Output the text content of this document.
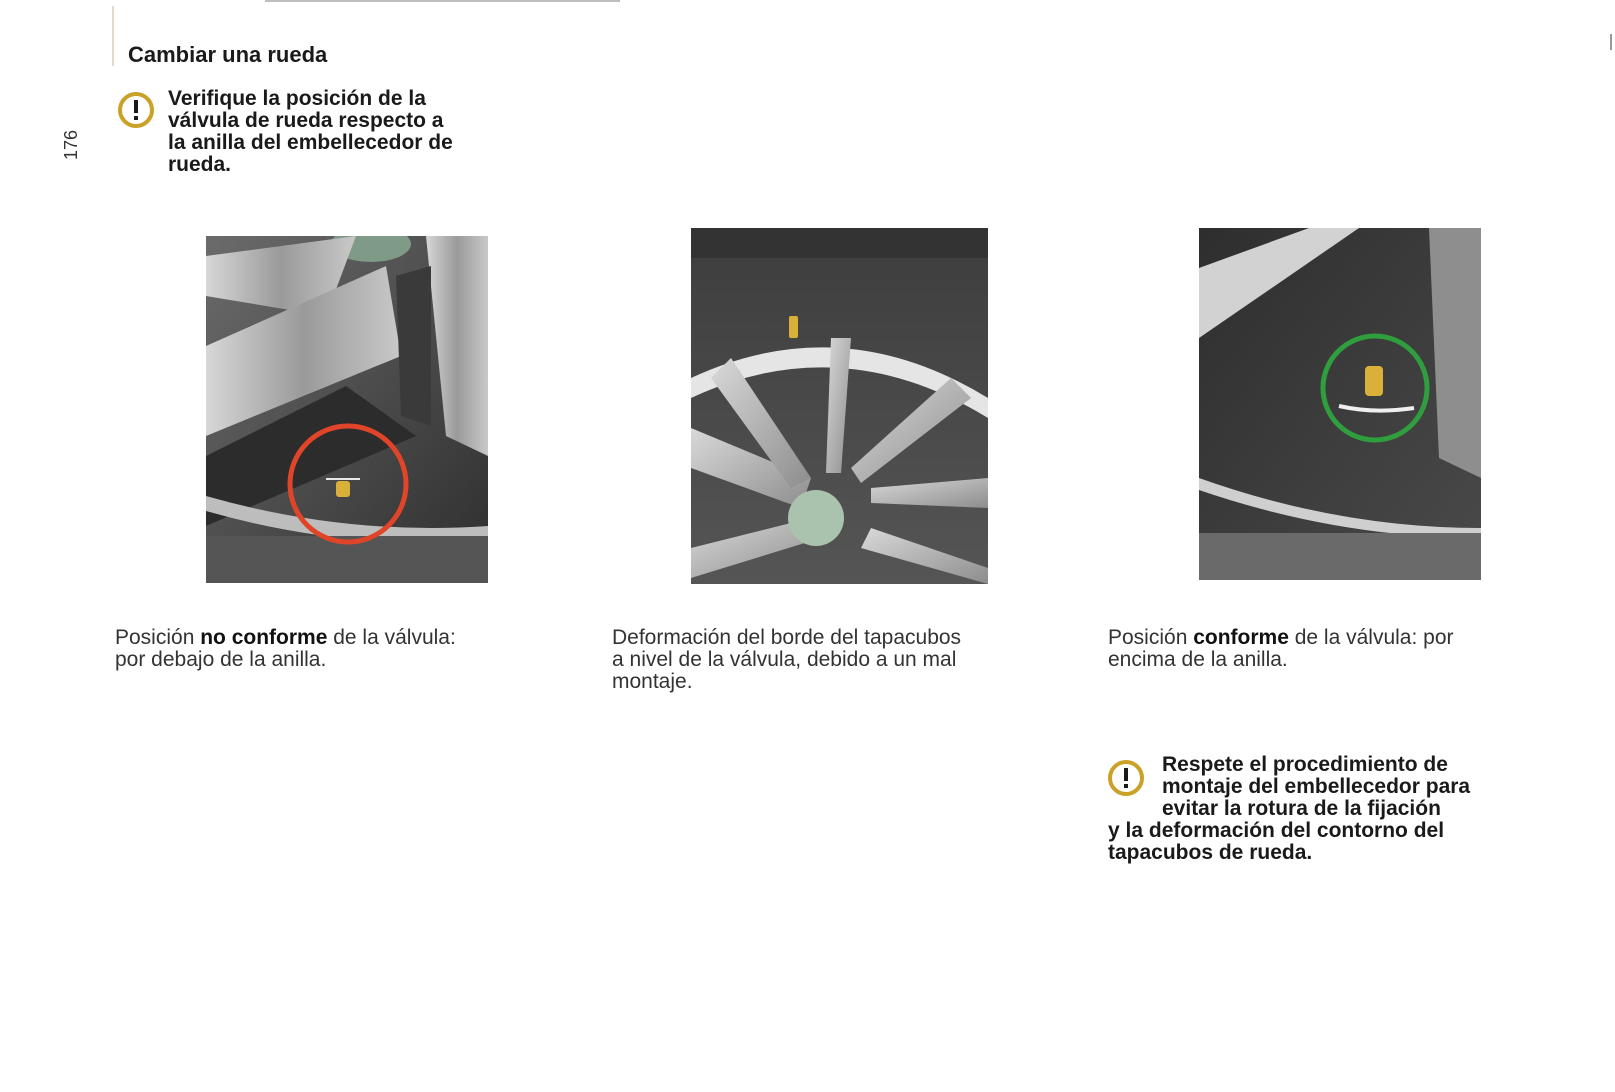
176
Cambiar una rueda
Verifique la posición de la
válvula de rueda respecto a
la anilla del embellecedor de
rueda.

Posición no conforme de la válvula:
por debajo de la anilla.

Deformación del borde del tapacubos
a nivel de la válvula, debido a un mal
montaje.

Posición conforme de la válvula: por
encima de la anilla.

Respete el procedimiento de
montaje del embellecedor para
evitar la rotura de la fijación
y la deformación del contorno del
tapacubos de rueda.
